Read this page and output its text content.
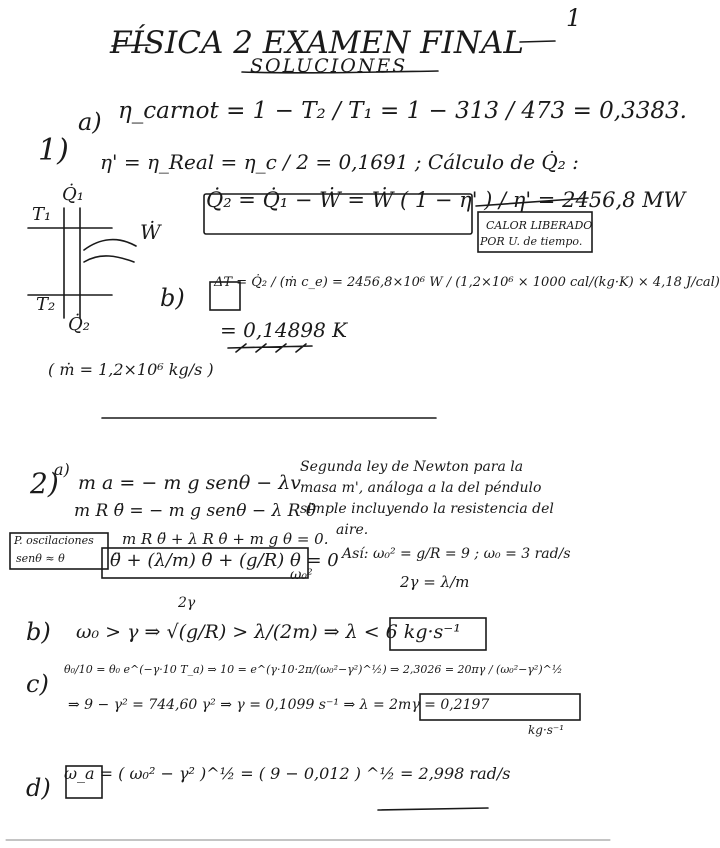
FÍSICA 2 EXAMEN FINAL
1
SOLUCIONES
1)
a) η_carnot = 1 − T₂ / T₁ = 1 − 313 / 473 = 0,3383.
η' = η_Real = η_c / 2 = 0,1691 ; Cálculo de Q̇₂ :
Q̇₂ = Q̇₁ − Ẇ = Ẇ ( 1 − η' ) / η' = 2456,8 MW
CALOR LIBERADO
POR U. de tiempo.
T₁
Q̇₁
Ẇ
T₂
Q̇₂
( ṁ = 1,2×10⁶ kg/s )
b)
ΔT = Q̇₂ / (ṁ c_e) = 2456,8×10⁶ W / (1,2×10⁶ × 1000 cal/(kg·K) × 4,18 J/cal)
= 0,14898 K
2)
a)
m a = − m g senθ − λv
m R θ̈ = − m g senθ − λ R θ̇
m R θ̈ + λ R θ̇ + m g θ = 0.
Segunda ley de Newton para la
masa m', análoga a la del péndulo
simple incluyendo la resistencia del
aire.
P. oscilaciones
senθ ≈ θ	θ̈ + (λ/m) θ̇ + (g/R) θ = 0
2γ
ω₀²
Así: ω₀² = g/R = 9 ; ω₀ = 3 rad/s
2γ = λ/m
b) ω₀ > γ ⇒ √(g/R) > λ/(2m) ⇒ λ < 6 kg·s⁻¹
c)
θ₀/10 = θ₀ e^(−γ·10 T_a) ⇒ 10 = e^(γ·10·2π/(ω₀²−γ²)^½) ⇒ 2,3026 = 20πγ / (ω₀²−γ²)^½
⇒ 9 − γ² = 744,60 γ² ⇒ γ = 0,1099 s⁻¹ ⇒ λ = 2mγ = 0,2197
kg·s⁻¹
d)
ω_a = ( ω₀² − γ² )^½ = ( 9 − 0,012 ) ^½ = 2,998 rad/s
